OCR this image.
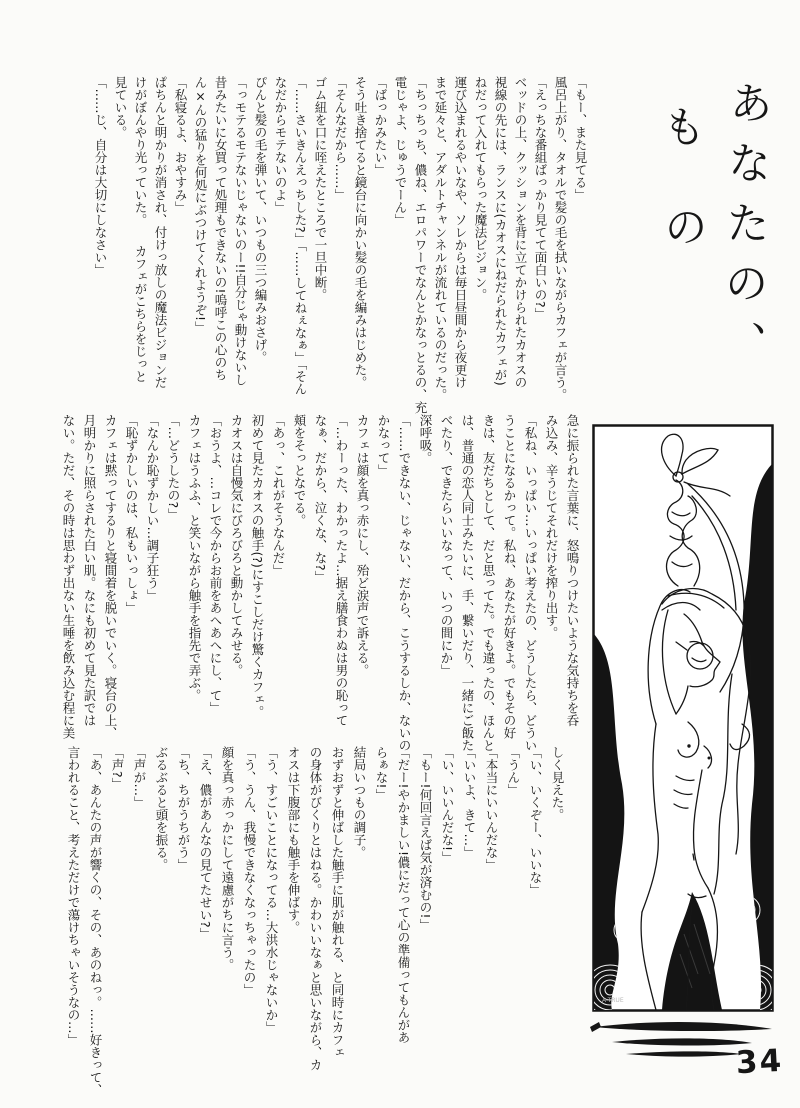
あなたの、
もの
「もー、また見てる」
風呂上がり、タオルで髪の毛を拭いながらカフェが言う。
「えっちな番組ばっかり見てて面白いの?」
ベッドの上、クッションを背に立てかけられたカオスの
視線の先には、ランスに(カオスにねだられたカフェが)
ねだって入れてもらった魔法ビジョン。
運び込まれるやいなや、ソレからは毎日昼間から夜更け
まで延々と、アダルトチャンネルが流れているのだった。
「ちっちっち、儂ね、エロパワーでなんとかなっとるの、充
電じゃよ、じゅうでーん」
「ばっかみたい」
そう吐き捨てると鏡台に向かい髪の毛を編みはじめた。
「そんなだから……」
ゴム紐を口に咥えたところで一旦中断。
「……さいきんえっちした?」「……してねぇなぁ」「そん
なだからモテないのよ」
ぴんと髪の毛を弾いて、いつもの三つ編みおさげ。
「っモテるモテないじゃないのー!!自分じゃ動けないし
昔みたいに女買って処理もできないの!嗚呼この心のち
ん×んの猛りを何処にぶつけてくれようぞ!」
「私寝るよ、おやすみ」
ぱちんと明かりが消され、付けっ放しの魔法ビジョンだ
けがぼんやり光っていた。　　カフェがこちらをじっと
見ている。
「……じ、自分は大切にしなさい」
急に振られた言葉に、怒鳴りつけたいような気持ちを呑
み込み、辛うじてそれだけを搾り出す。
「私ね、いっぱい…いっぱい考えたの、どうしたら、どうい
うことになるかって。私ね、あなたが好きよ。でもその好
きは、友だちとして、だと思ってた。でも違ったの、ほんと
は、普通の恋人同士みたいに、手、繋いだり、一緒にご飯た
べたり、できたらいいなって、いつの間にか」
深呼吸。
「……できない、じゃない、だから、こうするしか、ないの
かなって」
カフェは顔を真っ赤にし、殆ど涙声で訴える。
「…わーった、わかったよ…据え膳食わぬは男の恥って
なぁ、だから、泣くな、な?」
頬をそっとなでる。
「あっ、これがそうなんだ」
初めて見たカオスの触手(?)にすこしだけ驚くカフェ。
カオスは自慢気にびろびろと動かしてみせる。
「おうよ、…コレで今からお前をあへあへにし、て」
カフェはうふふ、と笑いながら触手を指先で弄ぶ。
「…どうしたの?」
「なんか恥ずかしい…調子狂う」
「恥ずかしいのは、私もいっしょ」
カフェは黙ってするりと寝間着を脱いでいく。寝台の上、
月明かりに照らされた白い肌。なにも初めて見た訳では
ない。ただ、その時は思わず出ない生唾を飲み込む程に美
しく見えた。
「い、いくぞー、いいな」
「うん」
「本当にいいんだな」
「いいよ、きて…」
「い、いいんだな!」
「もー!何回言えば気が済むの!」
「だー!やかましい!儂にだって心の準備ってもんがあ
らぁな!」
結局いつもの調子。
おずおずと伸ばした触手に肌が触れる、と同時にカフェ
の身体がびくりとはねる。かわいいなぁと思いながら、カ
オスは下腹部にも触手を伸ばす。
「う、すごいことになってる…大洪水じゃないか」
「う、うん、我慢できなくなっちゃったの」
顔を真っ赤っかにして遠慮がちに言う。
「え、儂があんなの見てたせい?」
「ち、ちがうちがう」
ぶるぶると頭を振る。
「声が…」
「声?」
「あ、あんたの声が響くの、その、あのねっ。……好きって、
言われること、考えただけで蕩けちゃいそうなの…」	A-TRUE
34
